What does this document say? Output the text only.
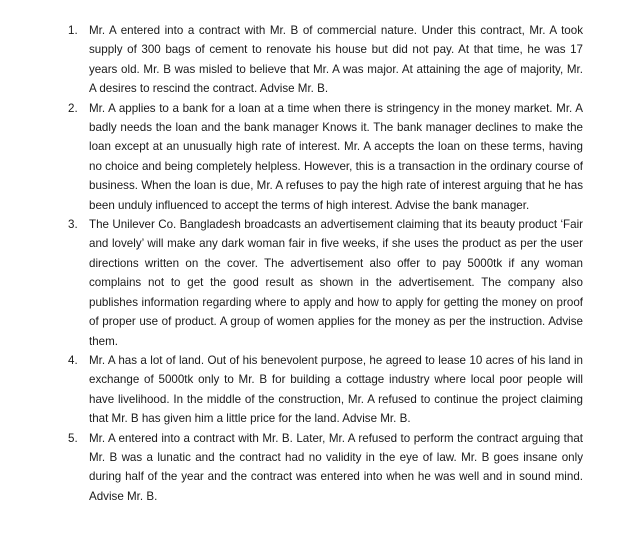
1. Mr. A entered into a contract with Mr. B of commercial nature. Under this contract, Mr. A took supply of 300 bags of cement to renovate his house but did not pay. At that time, he was 17 years old. Mr. B was misled to believe that Mr. A was major. At attaining the age of majority, Mr. A desires to rescind the contract. Advise Mr. B.
2. Mr. A applies to a bank for a loan at a time when there is stringency in the money market. Mr. A badly needs the loan and the bank manager Knows it. The bank manager declines to make the loan except at an unusually high rate of interest. Mr. A accepts the loan on these terms, having no choice and being completely helpless. However, this is a transaction in the ordinary course of business. When the loan is due, Mr. A refuses to pay the high rate of interest arguing that he has been unduly influenced to accept the terms of high interest. Advise the bank manager.
3. The Unilever Co. Bangladesh broadcasts an advertisement claiming that its beauty product ‘Fair and lovely’ will make any dark woman fair in five weeks, if she uses the product as per the user directions written on the cover. The advertisement also offer to pay 5000tk if any woman complains not to get the good result as shown in the advertisement. The company also publishes information regarding where to apply and how to apply for getting the money on proof of proper use of product. A group of women applies for the money as per the instruction. Advise them.
4. Mr. A has a lot of land. Out of his benevolent purpose, he agreed to lease 10 acres of his land in exchange of 5000tk only to Mr. B for building a cottage industry where local poor people will have livelihood. In the middle of the construction, Mr. A refused to continue the project claiming that Mr. B has given him a little price for the land. Advise Mr. B.
5. Mr. A entered into a contract with Mr. B. Later, Mr. A refused to perform the contract arguing that Mr. B was a lunatic and the contract had no validity in the eye of law. Mr. B goes insane only during half of the year and the contract was entered into when he was well and in sound mind. Advise Mr. B.
